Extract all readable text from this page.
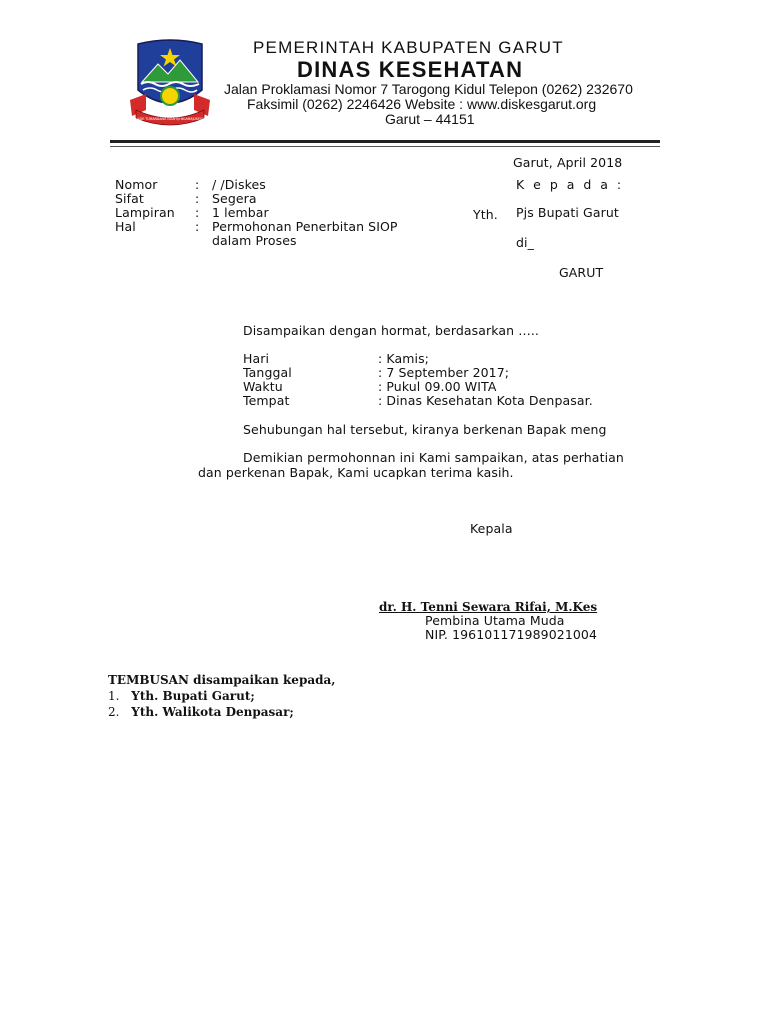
HADE TUMANDANG NGAHIJI NGAMAJUKEUN
PEMERINTAH KABUPATEN GARUT
DINAS KESEHATAN
Jalan Proklamasi Nomor 7 Tarogong Kidul Telepon (0262) 232670
Faksimil (0262) 2246426 Website : www.diskesgarut.org
Garut – 44151
Garut, April 2018
Nomor	: / /Diskes
Sifat	: Segera
Lampiran : 1 lembar
Hal	: Permohonan Penerbitan SIOP
dalam Proses
K e p a d a :
Yth. Pjs Bupati Garut
di_
GARUT
Disampaikan dengan hormat, berdasarkan …..
Hari	: Kamis;
Tanggal	: 7 September 2017;
Waktu	: Pukul 09.00 WITA
Tempat	: Dinas Kesehatan Kota Denpasar.
Sehubungan hal tersebut, kiranya berkenan Bapak meng
Demikian permohonnan ini Kami sampaikan, atas perhatian
dan perkenan Bapak, Kami ucapkan terima kasih.
Kepala
dr. H. Tenni Sewara Rifai, M.Kes
Pembina Utama Muda
NIP. 196101171989021004
TEMBUSAN disampaikan kepada,
1. Yth. Bupati Garut;
2. Yth. Walikota Denpasar;
